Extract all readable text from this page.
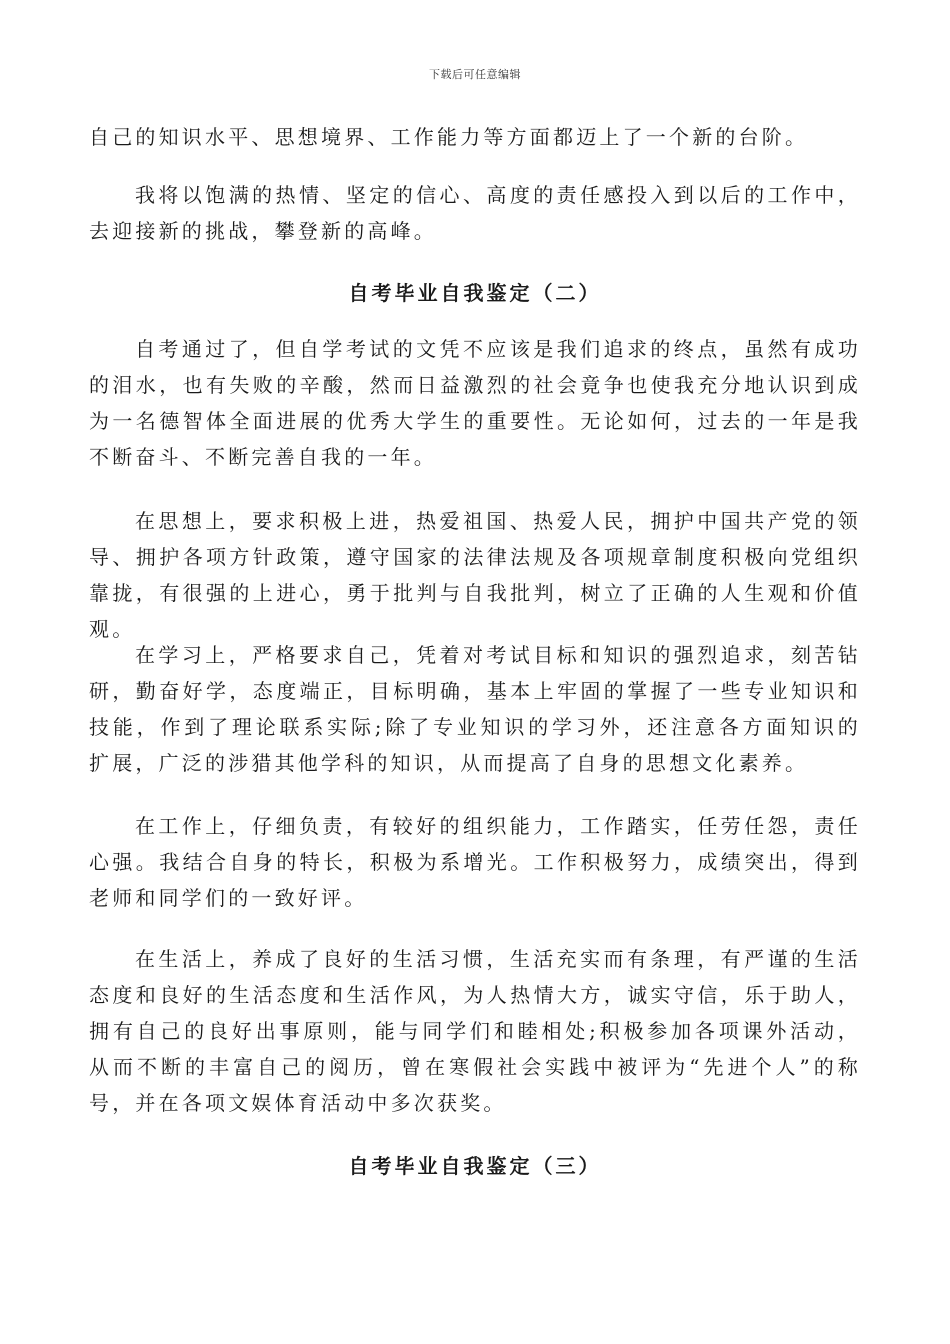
下载后可任意编辑

自己的知识水平、思想境界、工作能力等方面都迈上了一个新的台阶。

我将以饱满的热情、坚定的信心、高度的责任感投入到以后的工作中，去迎接新的挑战，攀登新的高峰。

自考毕业自我鉴定（二）

自考通过了，但自学考试的文凭不应该是我们追求的终点，虽然有成功的泪水，也有失败的辛酸，然而日益激烈的社会竟争也使我充分地认识到成为一名德智体全面进展的优秀大学生的重要性。无论如何，过去的一年是我不断奋斗、不断完善自我的一年。

在思想上，要求积极上进，热爱祖国、热爱人民，拥护中国共产党的领导、拥护各项方针政策，遵守国家的法律法规及各项规章制度积极向党组织靠拢，有很强的上进心，勇于批判与自我批判，树立了正确的人生观和价值观。

在学习上，严格要求自己，凭着对考试目标和知识的强烈追求，刻苦钻研，勤奋好学，态度端正，目标明确，基本上牢固的掌握了一些专业知识和技能，作到了理论联系实际;除了专业知识的学习外，还注意各方面知识的扩展，广泛的涉猎其他学科的知识，从而提高了自身的思想文化素养。

在工作上，仔细负责，有较好的组织能力，工作踏实，任劳任怨，责任心强。我结合自身的特长，积极为系增光。工作积极努力，成绩突出，得到老师和同学们的一致好评。

在生活上，养成了良好的生活习惯，生活充实而有条理，有严谨的生活态度和良好的生活态度和生活作风，为人热情大方，诚实守信，乐于助人，拥有自己的良好出事原则，能与同学们和睦相处;积极参加各项课外活动，从而不断的丰富自己的阅历，曾在寒假社会实践中被评为“先进个人”的称号，并在各项文娱体育活动中多次获奖。

自考毕业自我鉴定（三）
